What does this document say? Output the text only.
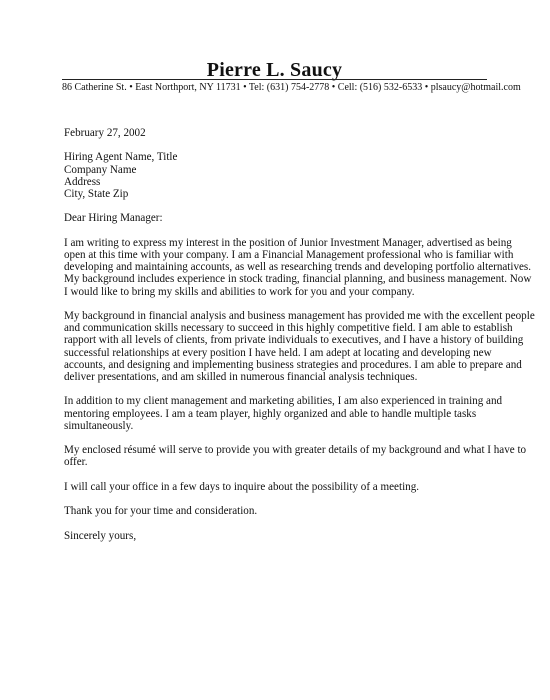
Pierre L. Saucy
86 Catherine St. • East Northport, NY 11731 • Tel: (631) 754-2778 • Cell: (516) 532-6533 • plsaucy@hotmail.com
February 27, 2002
Hiring Agent Name, Title
Company Name
Address
City, State Zip
Dear Hiring Manager:
I am writing to express my interest in the position of Junior Investment Manager, advertised as being
open at this time with your company. I am a Financial Management professional who is familiar with
developing and maintaining accounts, as well as researching trends and developing portfolio alternatives.
My background includes experience in stock trading, financial planning, and business management. Now
I would like to bring my skills and abilities to work for you and your company.
My background in financial analysis and business management has provided me with the excellent people
and communication skills necessary to succeed in this highly competitive field. I am able to establish
rapport with all levels of clients, from private individuals to executives, and I have a history of building
successful relationships at every position I have held. I am adept at locating and developing new
accounts, and designing and implementing business strategies and procedures. I am able to prepare and
deliver presentations, and am skilled in numerous financial analysis techniques.
In addition to my client management and marketing abilities, I am also experienced in training and
mentoring employees. I am a team player, highly organized and able to handle multiple tasks
simultaneously.
My enclosed résumé will serve to provide you with greater details of my background and what I have to
offer.
I will call your office in a few days to inquire about the possibility of a meeting.
Thank you for your time and consideration.
Sincerely yours,
